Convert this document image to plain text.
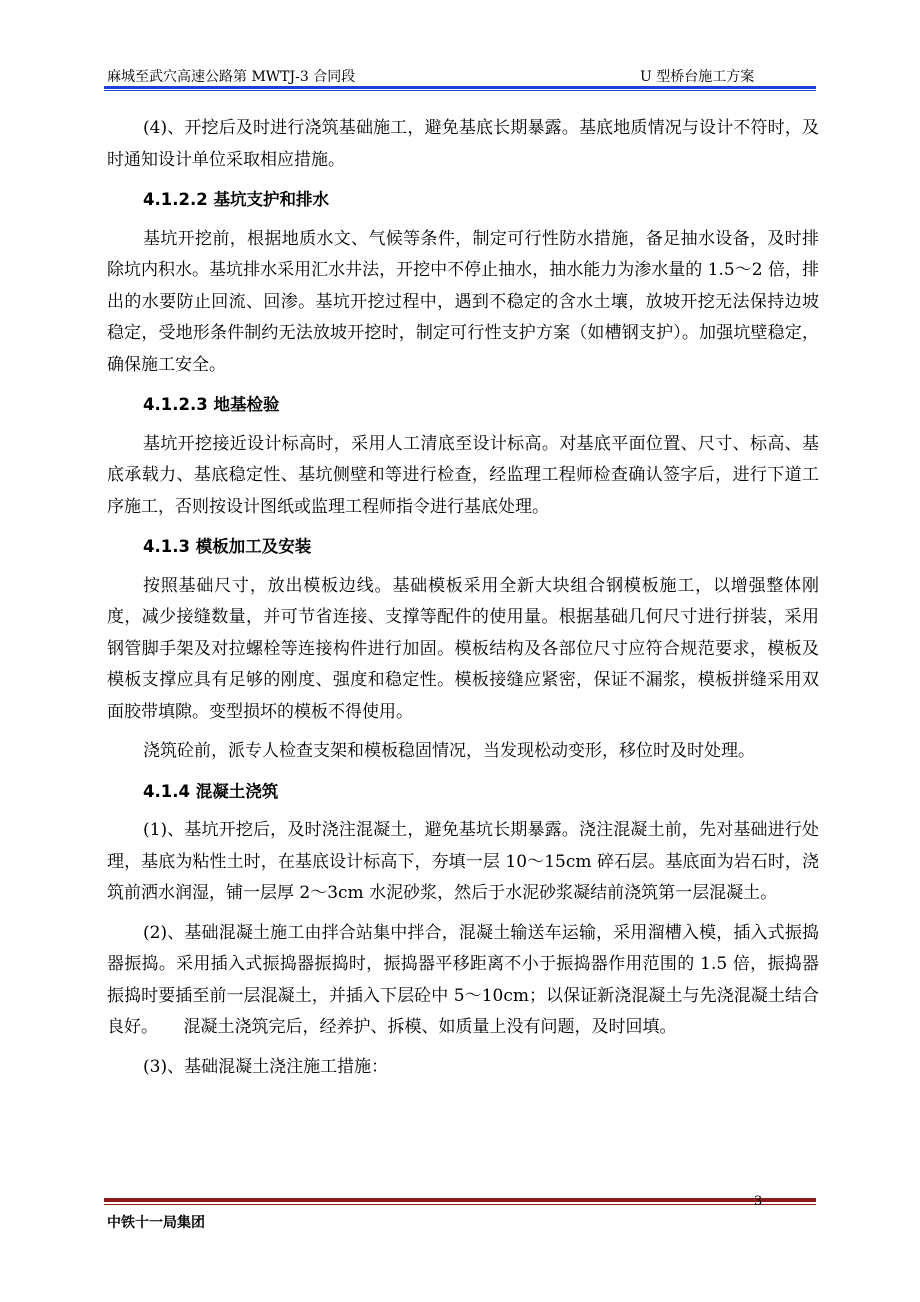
麻城至武穴高速公路第 MWTJ-3 合同段	U 型桥台施工方案

(4)、开挖后及时进行浇筑基础施工，避免基底长期暴露。基底地质情况与设计不符时，及时通知设计单位采取相应措施。

4.1.2.2 基坑支护和排水

基坑开挖前，根据地质水文、气候等条件，制定可行性防水措施，备足抽水设备，及时排除坑内积水。基坑排水采用汇水井法，开挖中不停止抽水，抽水能力为渗水量的 1.5～2 倍，排出的水要防止回流、回渗。基坑开挖过程中，遇到不稳定的含水土壤，放坡开挖无法保持边坡稳定，受地形条件制约无法放坡开挖时，制定可行性支护方案（如槽钢支护）。加强坑壁稳定，确保施工安全。

4.1.2.3 地基检验

基坑开挖接近设计标高时，采用人工清底至设计标高。对基底平面位置、尺寸、标高、基底承载力、基底稳定性、基坑侧壁和等进行检查，经监理工程师检查确认签字后，进行下道工序施工，否则按设计图纸或监理工程师指令进行基底处理。

4.1.3 模板加工及安装

按照基础尺寸，放出模板边线。基础模板采用全新大块组合钢模板施工，以增强整体刚度，减少接缝数量，并可节省连接、支撑等配件的使用量。根据基础几何尺寸进行拼装，采用钢管脚手架及对拉螺栓等连接构件进行加固。模板结构及各部位尺寸应符合规范要求，模板及模板支撑应具有足够的刚度、强度和稳定性。模板接缝应紧密，保证不漏浆，模板拼缝采用双面胶带填隙。变型损坏的模板不得使用。

浇筑砼前，派专人检查支架和模板稳固情况，当发现松动变形，移位时及时处理。

4.1.4 混凝土浇筑

(1)、基坑开挖后，及时浇注混凝土，避免基坑长期暴露。浇注混凝土前，先对基础进行处理，基底为粘性土时，在基底设计标高下，夯填一层 10～15cm 碎石层。基底面为岩石时，浇筑前洒水润湿，铺一层厚 2～3cm 水泥砂浆，然后于水泥砂浆凝结前浇筑第一层混凝土。

(2)、基础混凝土施工由拌合站集中拌合，混凝土输送车运输，采用溜槽入模，插入式振捣器振捣。采用插入式振捣器振捣时，振捣器平移距离不小于振捣器作用范围的 1.5 倍，振捣器振捣时要插至前一层混凝土，并插入下层砼中 5～10cm；以保证新浇混凝土与先浇混凝土结合良好。　　混凝土浇筑完后，经养护、拆模、如质量上没有问题，及时回填。

(3)、基础混凝土浇注施工措施：

3
中铁十一局集团
